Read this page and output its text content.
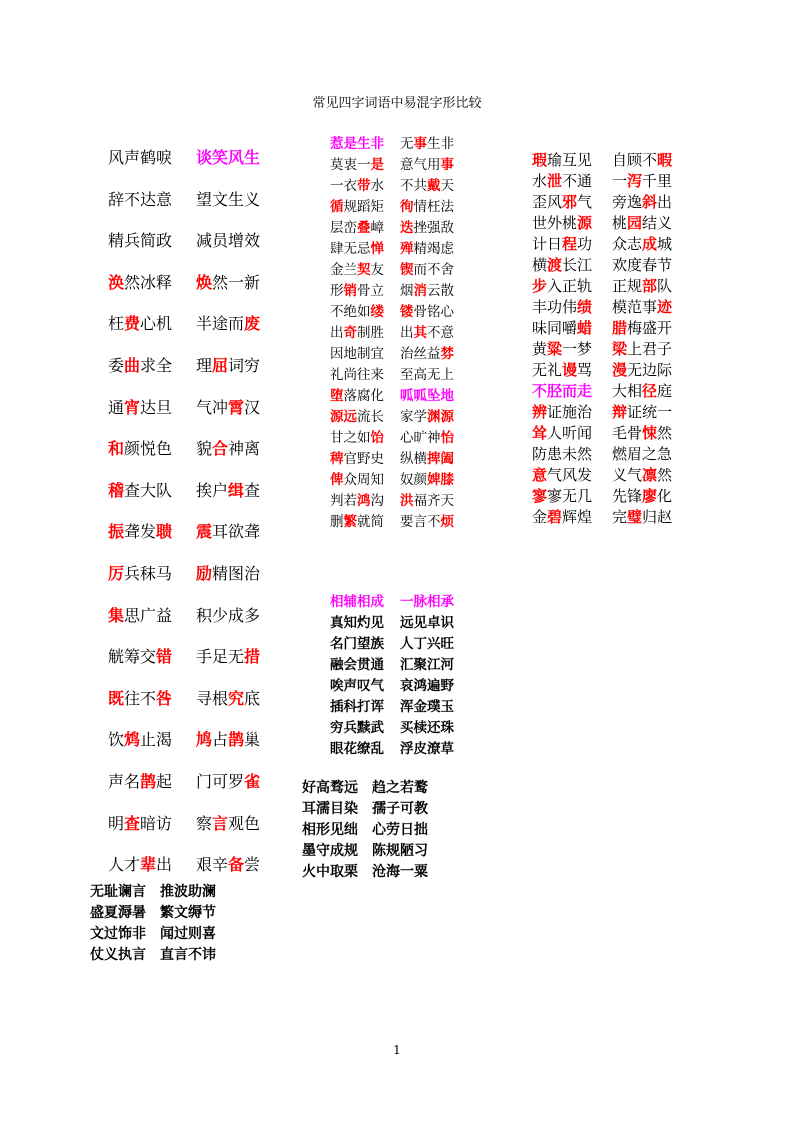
常见四字词语中易混字形比较
风声鹤唳 谈笑风生
辞不达意 望文生义
精兵简政 减员增效
涣然冰释 焕然一新
枉费心机 半途而废
委曲求全 理屈词穷
通宵达旦 气冲霄汉
和颜悦色 貌合神离
稽查大队 挨户缉查
振聋发聩 震耳欲聋
厉兵秣马 励精图治
集思广益 积少成多
觥筹交错 手足无措
既往不咎 寻根究底
饮鸩止渴 鸠占鹊巢
声名鹊起 门可罗雀
明查暗访 察言观色
人才辈出 艰辛备尝
无耻谰言 推波助澜
盛夏溽暑 繁文缛节
文过饰非 闻过则喜
仗义执言 直言不讳
惹是生非 无事生非
莫衷一是 意气用事
一衣带水 不共戴天
循规蹈矩 徇情枉法
层峦叠嶂 迭挫强敌
肆无忌惮 殚精竭虑
金兰契友 锲而不舍
形销骨立 烟消云散
不绝如缕 镂骨铭心
出奇制胜 出其不意
因地制宜 治丝益棼
礼尚往来 至高无上
堕落腐化 呱呱坠地
源远流长 家学渊源
甘之如饴 心旷神怡
稗官野史 纵横捭阖
俾众周知 奴颜婢膝
判若鸿沟 洪福齐天
删繁就简 要言不烦
相辅相成 一脉相承
真知灼见 远见卓识
名门望族 人丁兴旺
融会贯通 汇聚江河
唉声叹气 哀鸿遍野
插科打诨 浑金璞玉
穷兵黩武 买椟还珠
眼花缭乱 浮皮潦草
好高骛远 趋之若鹜
耳濡目染 孺子可教
相形见绌 心劳日拙
墨守成规 陈规陋习
火中取栗 沧海一粟
瑕瑜互见 自顾不暇
水泄不通 一泻千里
歪风邪气 旁逸斜出
世外桃源 桃园结义
计日程功 众志成城
横渡长江 欢度春节
步入正轨 正规部队
丰功伟绩 模范事迹
味同嚼蜡 腊梅盛开
黄粱一梦 梁上君子
无礼谩骂 漫无边际
不胫而走 大相径庭
辨证施治 辩证统一
耸人听闻 毛骨悚然
防患未然 燃眉之急
意气风发 义气凛然
寥寥无几 先锋廖化
金碧辉煌 完璧归赵
1
